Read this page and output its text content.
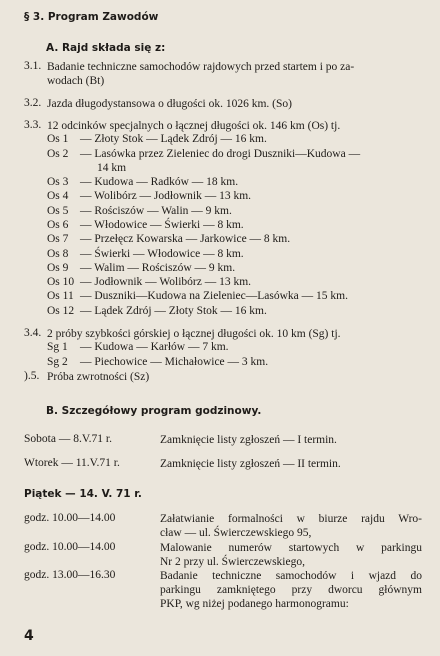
§ 3. Program Zawodów
A. Rajd składa się z:
3.1. Badanie techniczne samochodów rajdowych przed startem i po za-
wodach (Bt)
3.2. Jazda długodystansowa o długości ok. 1026 km. (So)
3.3. 12 odcinków specjalnych o łącznej długości ok. 146 km (Os) tj.
Os 1 — Złoty Stok — Lądek Zdrój — 16 km.
Os 2 — Lasówka przez Zieleniec do drogi Duszniki—Kudowa —
14 km
Os 3 — Kudowa — Radków — 18 km.
Os 4 — Wolibórz — Jodłownik — 13 km.
Os 5 — Rościszów — Walin — 9 km.
Os 6 — Włodowice — Świerki — 8 km.
Os 7 — Przełęcz Kowarska — Jarkowice — 8 km.
Os 8 — Świerki — Włodowice — 8 km.
Os 9 — Walim — Rościszów — 9 km.
Os 10 — Jodłownik — Wolibórz — 13 km.
Os 11 — Duszniki—Kudowa na Zieleniec—Lasówka — 15 km.
Os 12 — Lądek Zdrój — Złoty Stok — 16 km.
3.4. 2 próby szybkości górskiej o łącznej długości ok. 10 km (Sg) tj.
Sg 1 — Kudowa — Karłów — 7 km.
Sg 2 — Piechowice — Michałowice — 3 km.
).5. Próba zwrotności (Sz)
B. Szczegółowy program godzinowy.
Sobota — 8.V.71 r.	Zamknięcie listy zgłoszeń — I termin.
Wtorek — 11.V.71 r.	Zamknięcie listy zgłoszeń — II termin.
Piątek — 14. V. 71 r.
godz. 10.00—14.00	Załatwianie formalności w biurze rajdu Wro-
cław — ul. Świerczewskiego 95,
godz. 10.00—14.00	Malowanie numerów startowych w parkingu
Nr 2 przy ul. Świerczewskiego,
godz. 13.00—16.30	Badanie techniczne samochodów i wjazd do
parkingu zamkniętego przy dworcu głównym
PKP, wg niżej podanego harmonogramu:
4
